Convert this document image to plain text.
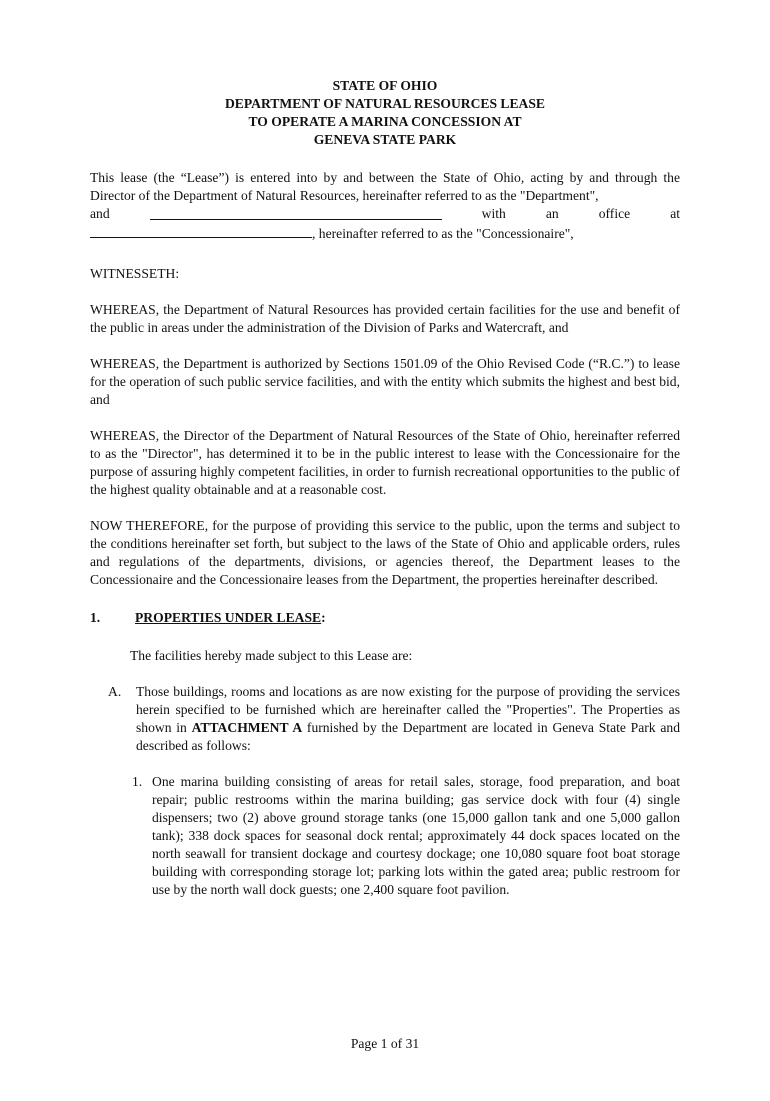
STATE OF OHIO
DEPARTMENT OF NATURAL RESOURCES LEASE
TO OPERATE A MARINA CONCESSION AT
GENEVA STATE PARK

This lease (the “Lease”) is entered into by and between the State of Ohio, acting by and through the Director of the Department of Natural Resources, hereinafter referred to as the "Department",

and	with	an	office	at
, hereinafter referred to as the "Concessionaire",

WITNESSETH:

WHEREAS, the Department of Natural Resources has provided certain facilities for the use and benefit of the public in areas under the administration of the Division of Parks and Watercraft, and

WHEREAS, the Department is authorized by Sections 1501.09 of the Ohio Revised Code (“R.C.”) to lease for the operation of such public service facilities, and with the entity which submits the highest and best bid, and

WHEREAS, the Director of the Department of Natural Resources of the State of Ohio, hereinafter referred to as the "Director", has determined it to be in the public interest to lease with the Concessionaire for the purpose of assuring highly competent facilities, in order to furnish recreational opportunities to the public of the highest quality obtainable and at a reasonable cost.

NOW THEREFORE, for the purpose of providing this service to the public, upon the terms and subject to the conditions hereinafter set forth, but subject to the laws of the State of Ohio and applicable orders, rules and regulations of the departments, divisions, or agencies thereof, the Department leases to the Concessionaire and the Concessionaire leases from the Department, the properties hereinafter described.

1.	PROPERTIES UNDER LEASE:

The facilities hereby made subject to this Lease are:

A.	Those buildings, rooms and locations as are now existing for the purpose of providing the services herein specified to be furnished which are hereinafter called the "Properties". The Properties as shown in ATTACHMENT A furnished by the Department are located in Geneva State Park and described as follows:

1. One marina building consisting of areas for retail sales, storage, food preparation, and boat repair; public restrooms within the marina building; gas service dock with four (4) single dispensers; two (2) above ground storage tanks (one 15,000 gallon tank and one 5,000 gallon tank); 338 dock spaces for seasonal dock rental; approximately 44 dock spaces located on the north seawall for transient dockage and courtesy dockage; one 10,080 square foot boat storage building with corresponding storage lot; parking lots within the gated area; public restroom for use by the north wall dock guests; one 2,400 square foot pavilion.

Page 1 of 31
